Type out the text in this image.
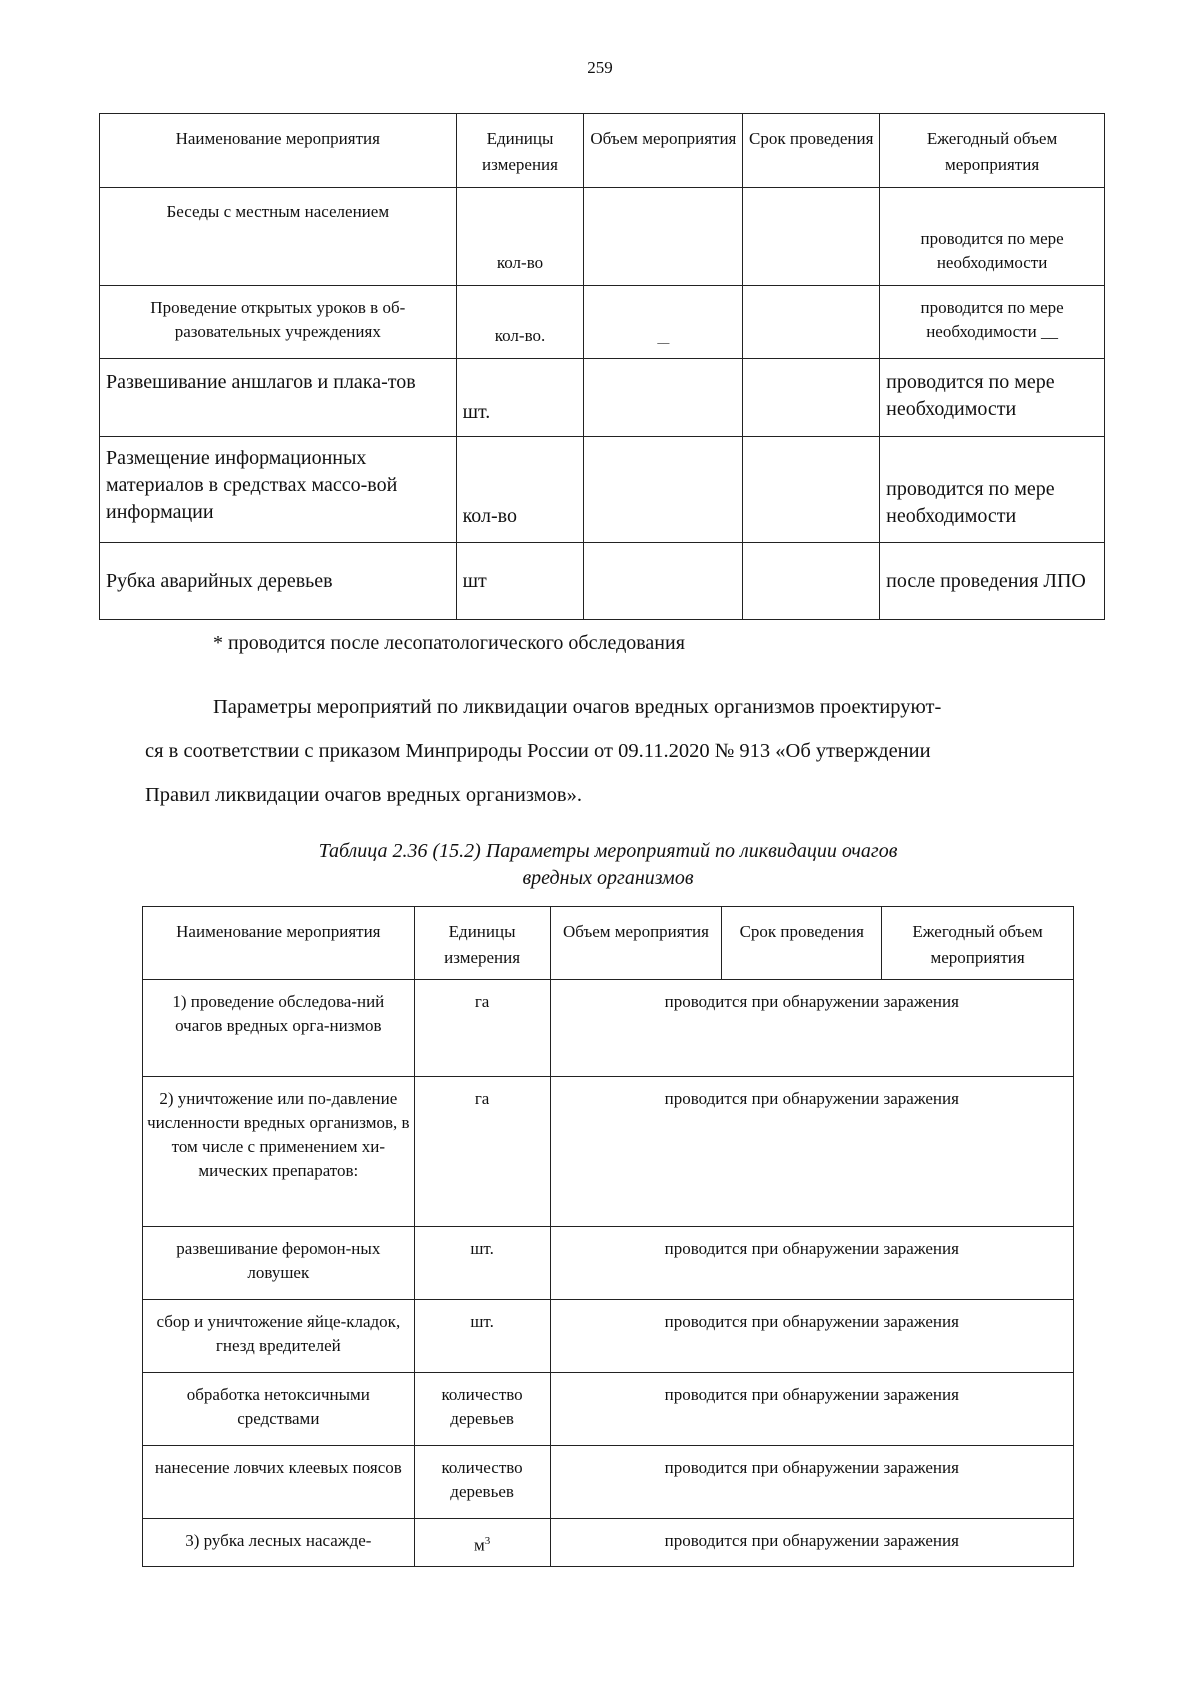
259
Наименование мероприятия	Единицы измерения	Объем мероприятия	Срок проведения	Ежегодный объем мероприятия
Беседы с местным населением	кол-во			проводится по мере необходимости
Проведение открытых уроков в об-разовательных учреждениях	кол-во.	__		проводится по мере необходимости __
Развешивание аншлагов и плака-тов	шт.			проводится по мере необходимости
Размещение информационных материалов в средствах массо-вой информации	кол-во			проводится по мере необходимости
Рубка аварийных деревьев	шт			после проведения ЛПО
* проводится после лесопатологического обследования
Параметры мероприятий по ликвидации очагов вредных организмов проектируют-
ся в соответствии с приказом Минприроды России от 09.11.2020 № 913 «Об утверждении
Правил ликвидации очагов вредных организмов».
Таблица 2.36 (15.2) Параметры мероприятий по ликвидации очагов
вредных организмов
Наименование мероприятия	Единицы измерения	Объем мероприятия	Срок проведения	Ежегодный объем мероприятия
1) проведение обследова-ний очагов вредных орга-низмов	га	проводится при обнаружении заражения		
2) уничтожение или по-давление численности вредных организмов, в том числе с применением хи-мических препаратов:	га	проводится при обнаружении заражения		
развешивание феромон-ных ловушек	шт.	проводится при обнаружении заражения		
сбор и уничтожение яйце-кладок, гнезд вредителей	шт.	проводится при обнаружении заражения		
обработка нетоксичными средствами	количество деревьев	проводится при обнаружении заражения		
нанесение ловчих клеевых поясов	количество деревьев	проводится при обнаружении заражения		
3) рубка лесных насажде-	$м^3$	проводится при обнаружении заражения		
